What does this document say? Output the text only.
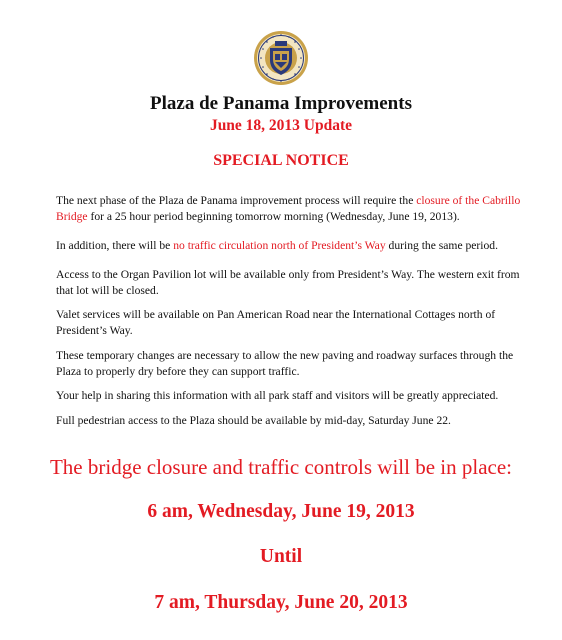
Plaza de Panama Improvements
June 18, 2013 Update
SPECIAL NOTICE

The next phase of the Plaza de Panama improvement process will require the closure of the Cabrillo Bridge for a 25 hour period beginning tomorrow morning (Wednesday, June 19, 2013).

In addition, there will be no traffic circulation north of President’s Way during the same period.

Access to the Organ Pavilion lot will be available only from President’s Way. The western exit from that lot will be closed.

Valet services will be available on Pan American Road near the International Cottages north of President’s Way.

These temporary changes are necessary to allow the new paving and roadway surfaces through the Plaza to properly dry before they can support traffic.

Your help in sharing this information with all park staff and visitors will be greatly appreciated.

Full pedestrian access to the Plaza should be available by mid-day, Saturday June 22.

The bridge closure and traffic controls will be in place:
6 am, Wednesday, June 19, 2013
Until
7 am, Thursday, June 20, 2013
